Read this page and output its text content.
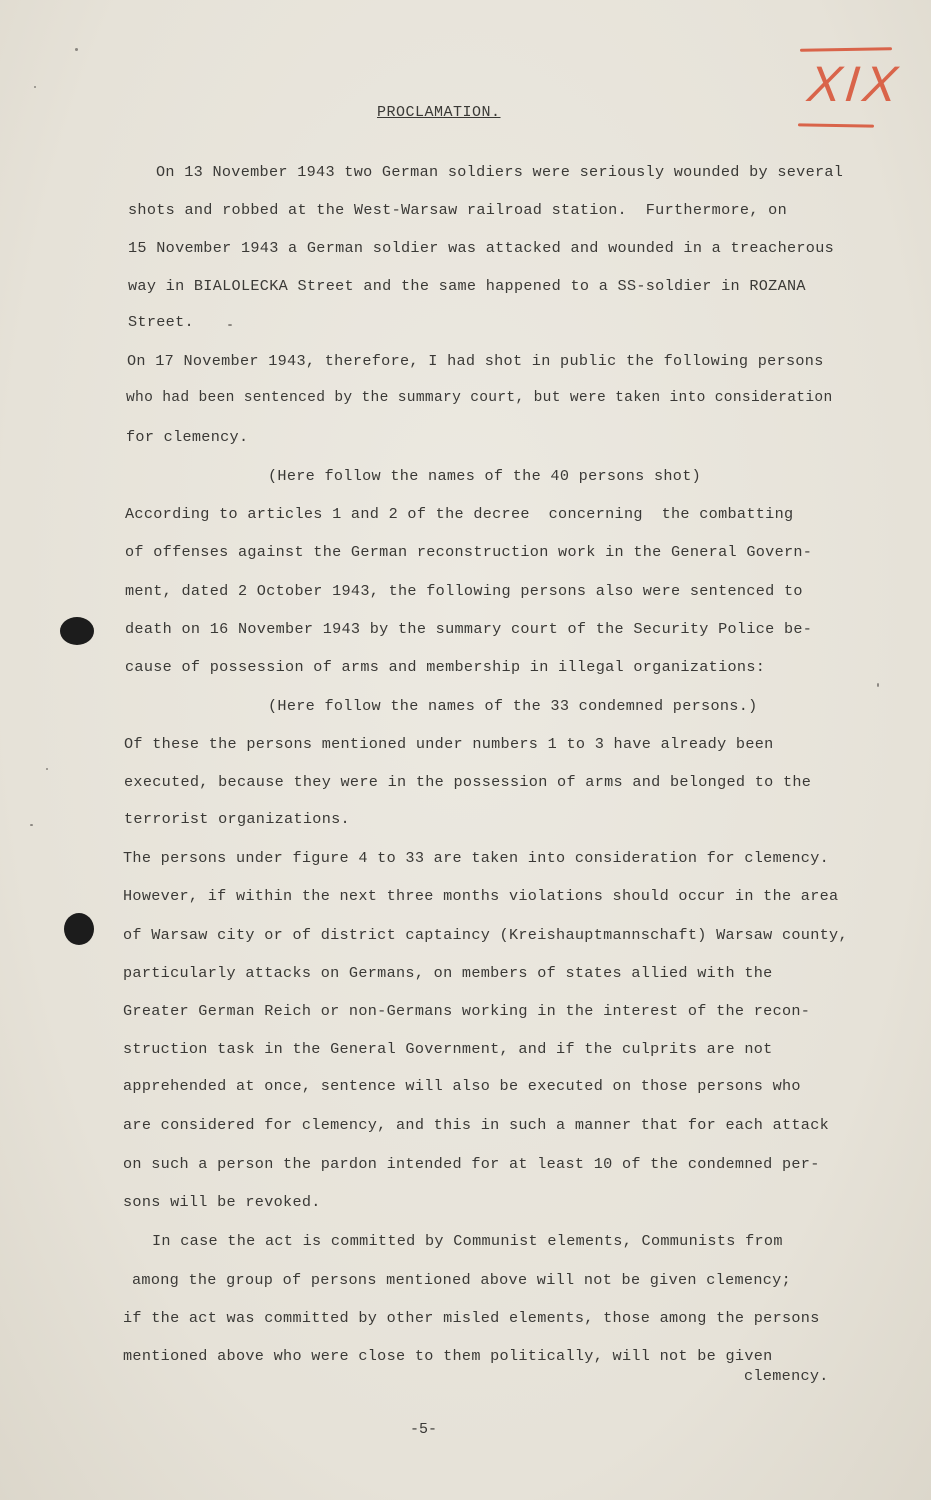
XIX
PROCLAMATION.
On 13 November 1943 two German soldiers were seriously wounded by several
shots and robbed at the West-Warsaw railroad station.  Furthermore, on
15 November 1943 a German soldier was attacked and wounded in a treacherous
way in BIALOLECKA Street and the same happened to a SS-soldier in ROZANA
Street.
On 17 November 1943, therefore, I had shot in public the following persons
who had been sentenced by the summary court, but were taken into consideration
for clemency.
(Here follow the names of the 40 persons shot)
According to articles 1 and 2 of the decree  concerning  the combatting
of offenses against the German reconstruction work in the General Govern-
ment, dated 2 October 1943, the following persons also were sentenced to
death on 16 November 1943 by the summary court of the Security Police be-
cause of possession of arms and membership in illegal organizations:
(Here follow the names of the 33 condemned persons.)
Of these the persons mentioned under numbers 1 to 3 have already been
executed, because they were in the possession of arms and belonged to the
terrorist organizations.
The persons under figure 4 to 33 are taken into consideration for clemency.
However, if within the next three months violations should occur in the area
of Warsaw city or of district captaincy (Kreishauptmannschaft) Warsaw county,
particularly attacks on Germans, on members of states allied with the
Greater German Reich or non-Germans working in the interest of the recon-
struction task in the General Government, and if the culprits are not
apprehended at once, sentence will also be executed on those persons who
are considered for clemency, and this in such a manner that for each attack
on such a person the pardon intended for at least 10 of the condemned per-
sons will be revoked.
In case the act is committed by Communist elements, Communists from
among the group of persons mentioned above will not be given clemency;
if the act was committed by other misled elements, those among the persons
mentioned above who were close to them politically, will not be given
clemency.
-5-
